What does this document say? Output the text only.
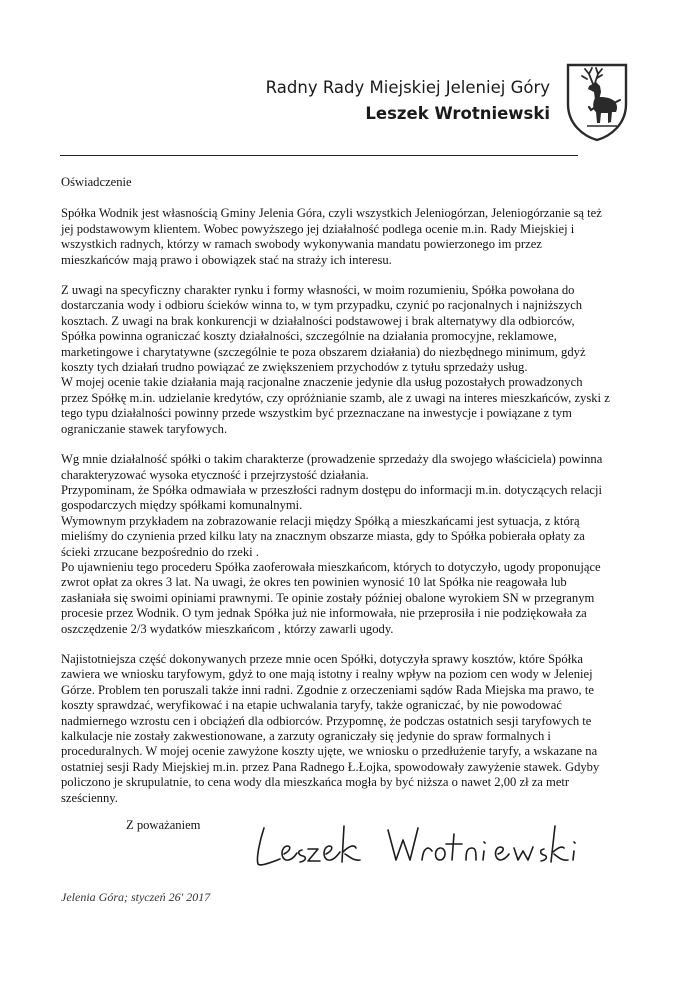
Radny Rady Miejskiej Jeleniej Góry
Leszek Wrotniewski

Oświadczenie

Spółka Wodnik jest własnością Gminy Jelenia Góra, czyli wszystkich Jeleniogórzan, Jeleniogórzanie są też
jej podstawowym klientem. Wobec powyższego jej działalność podlega ocenie m.in. Rady Miejskiej i
wszystkich radnych, którzy w ramach swobody wykonywania mandatu powierzonego im przez
mieszkańców mają prawo i obowiązek stać na straży ich interesu.

Z uwagi na specyficzny charakter rynku i formy własności, w moim rozumieniu, Spółka powołana do
dostarczania wody i odbioru ścieków winna to, w tym przypadku, czynić po racjonalnych i najniższych
kosztach. Z uwagi na brak konkurencji w działalności podstawowej i brak alternatywy dla odbiorców,
Spółka powinna ograniczać koszty działalności, szczególnie na działania promocyjne, reklamowe,
marketingowe i charytatywne (szczególnie te poza obszarem działania) do niezbędnego minimum, gdyż
koszty tych działań trudno powiązać ze zwiększeniem przychodów z tytułu sprzedaży usług.
W mojej ocenie takie działania mają racjonalne znaczenie jedynie dla usług pozostałych prowadzonych
przez Spółkę m.in. udzielanie kredytów, czy opróżnianie szamb, ale z uwagi na interes mieszkańców, zyski z
tego typu działalności powinny przede wszystkim być przeznaczane na inwestycje i powiązane z tym
ograniczanie stawek taryfowych.

Wg mnie działalność spółki o takim charakterze (prowadzenie sprzedaży dla swojego właściciela) powinna
charakteryzować wysoka etyczność i przejrzystość działania.
Przypominam, że Spółka odmawiała w przeszłości radnym dostępu do informacji m.in. dotyczących relacji
gospodarczych między spółkami komunalnymi.
Wymownym przykładem na zobrazowanie relacji między Spółką a mieszkańcami jest sytuacja, z którą
mieliśmy do czynienia przed kilku laty na znacznym obszarze miasta, gdy to Spółka pobierała opłaty za
ścieki zrzucane bezpośrednio do rzeki .
Po ujawnieniu tego procederu Spółka zaoferowała mieszkańcom, których to dotyczyło, ugody proponujące
zwrot opłat za okres 3 lat. Na uwagi, że okres ten powinien wynosić 10 lat Spółka nie reagowała lub
zasłaniała się swoimi opiniami prawnymi. Te opinie zostały później obalone wyrokiem SN w przegranym
procesie przez Wodnik. O tym jednak Spółka już nie informowała, nie przeprosiła i nie podziękowała za
oszczędzenie 2/3 wydatków mieszkańcom , którzy zawarli ugody.

Najistotniejsza część dokonywanych przeze mnie ocen Spółki, dotyczyła sprawy kosztów, które Spółka
zawiera we wniosku taryfowym, gdyż to one mają istotny i realny wpływ na poziom cen wody w Jeleniej
Górze. Problem ten poruszali także inni radni. Zgodnie z orzeczeniami sądów Rada Miejska ma prawo, te
koszty sprawdzać, weryfikować i na etapie uchwalania taryfy, także ograniczać, by nie powodować
nadmiernego wzrostu cen i obciążeń dla odbiorców. Przypomnę, że podczas ostatnich sesji taryfowych te
kalkulacje nie zostały zakwestionowane, a zarzuty ograniczały się jedynie do spraw formalnych i
proceduralnych. W mojej ocenie zawyżone koszty ujęte, we wniosku o przedłużenie taryfy, a wskazane na
ostatniej sesji Rady Miejskiej m.in. przez Pana Radnego Ł.Łojka, spowodowały zawyżenie stawek. Gdyby
policzono je skrupulatnie, to cena wody dla mieszkańca mogła by być niższa o nawet 2,00 zł za metr
sześcienny.

Z poważaniem
Jelenia Góra; styczeń 26' 2017
